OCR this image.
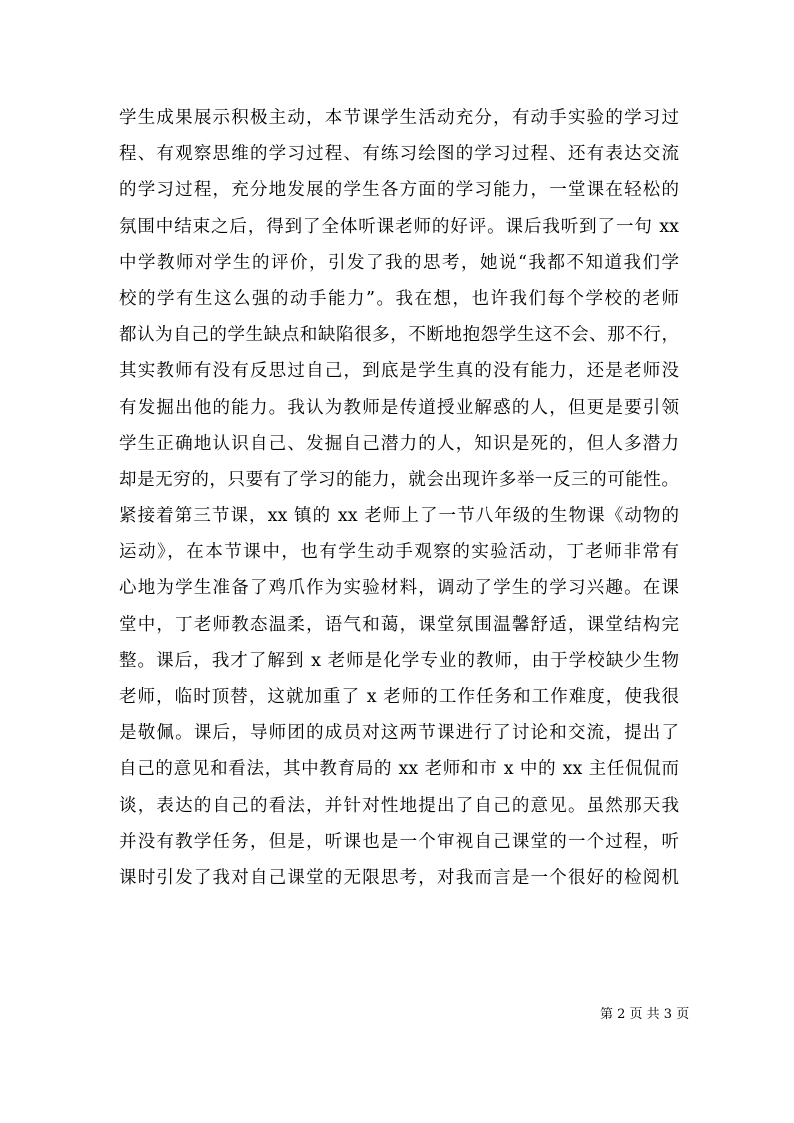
学生成果展示积极主动，本节课学生活动充分，有动手实验的学习过
程、有观察思维的学习过程、有练习绘图的学习过程、还有表达交流
的学习过程，充分地发展的学生各方面的学习能力，一堂课在轻松的
氛围中结束之后，得到了全体听课老师的好评。课后我听到了一句 xx
中学教师对学生的评价，引发了我的思考，她说“我都不知道我们学
校的学有生这么强的动手能力”。我在想，也许我们每个学校的老师
都认为自己的学生缺点和缺陷很多，不断地抱怨学生这不会、那不行，
其实教师有没有反思过自己，到底是学生真的没有能力，还是老师没
有发掘出他的能力。我认为教师是传道授业解惑的人，但更是要引领
学生正确地认识自己、发掘自己潜力的人，知识是死的，但人多潜力
却是无穷的，只要有了学习的能力，就会出现许多举一反三的可能性。
紧接着第三节课，xx 镇的 xx 老师上了一节八年级的生物课《动物的
运动》，在本节课中，也有学生动手观察的实验活动，丁老师非常有
心地为学生准备了鸡爪作为实验材料，调动了学生的学习兴趣。在课
堂中，丁老师教态温柔，语气和蔼，课堂氛围温馨舒适，课堂结构完
整。课后，我才了解到 x 老师是化学专业的教师，由于学校缺少生物
老师，临时顶替，这就加重了 x 老师的工作任务和工作难度，使我很
是敬佩。课后，导师团的成员对这两节课进行了讨论和交流，提出了
自己的意见和看法，其中教育局的 xx 老师和市 x 中的 xx 主任侃侃而
谈，表达的自己的看法，并针对性地提出了自己的意见。虽然那天我
并没有教学任务，但是，听课也是一个审视自己课堂的一个过程，听
课时引发了我对自己课堂的无限思考，对我而言是一个很好的检阅机
第 2 页 共 3 页
